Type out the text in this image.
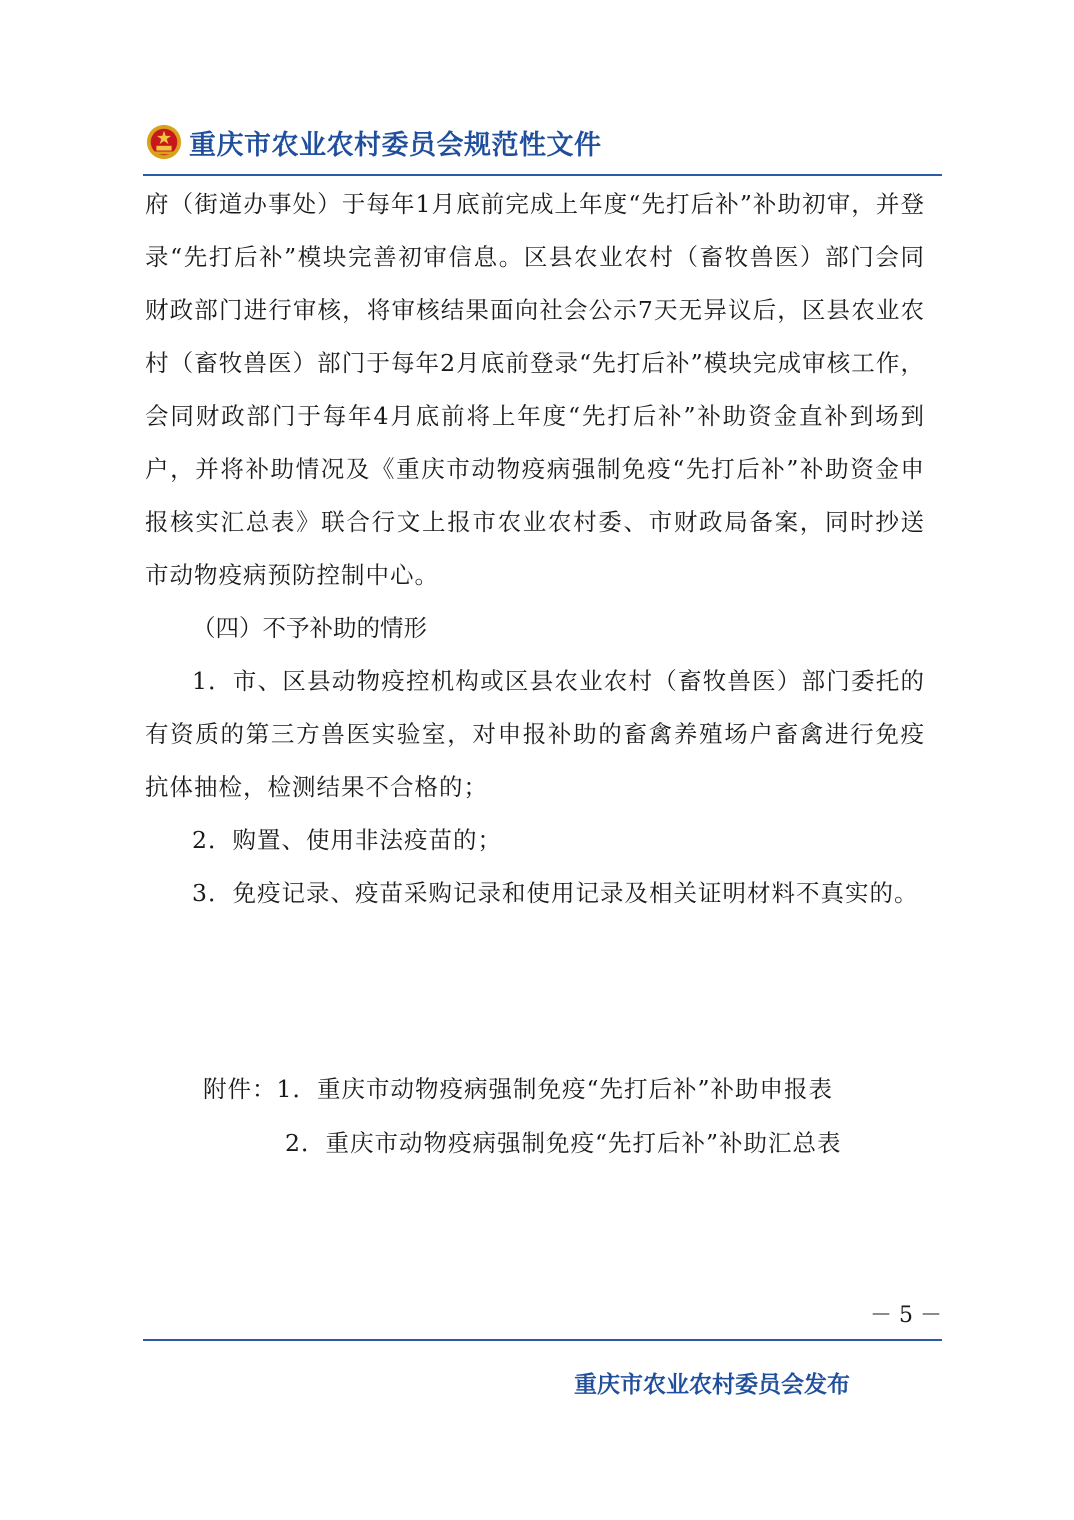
重庆市农业农村委员会规范性文件

府（街道办事处）于每年1月底前完成上年度“先打后补”补助初审，并登录“先打后补”模块完善初审信息。区县农业农村（畜牧兽医）部门会同财政部门进行审核，将审核结果面向社会公示7天无异议后，区县农业农村（畜牧兽医）部门于每年2月底前登录“先打后补”模块完成审核工作，会同财政部门于每年4月底前将上年度“先打后补”补助资金直补到场到户，并将补助情况及《重庆市动物疫病强制免疫“先打后补”补助资金申报核实汇总表》联合行文上报市农业农村委、市财政局备案，同时抄送市动物疫病预防控制中心。

（四）不予补助的情形

1．市、区县动物疫控机构或区县农业农村（畜牧兽医）部门委托的有资质的第三方兽医实验室，对申报补助的畜禽养殖场户畜禽进行免疫抗体抽检，检测结果不合格的；

2．购置、使用非法疫苗的；

3．免疫记录、疫苗采购记录和使用记录及相关证明材料不真实的。

附件：1．重庆市动物疫病强制免疫“先打后补”补助申报表
2．重庆市动物疫病强制免疫“先打后补”补助汇总表
－ 5 －
重庆市农业农村委员会发布
